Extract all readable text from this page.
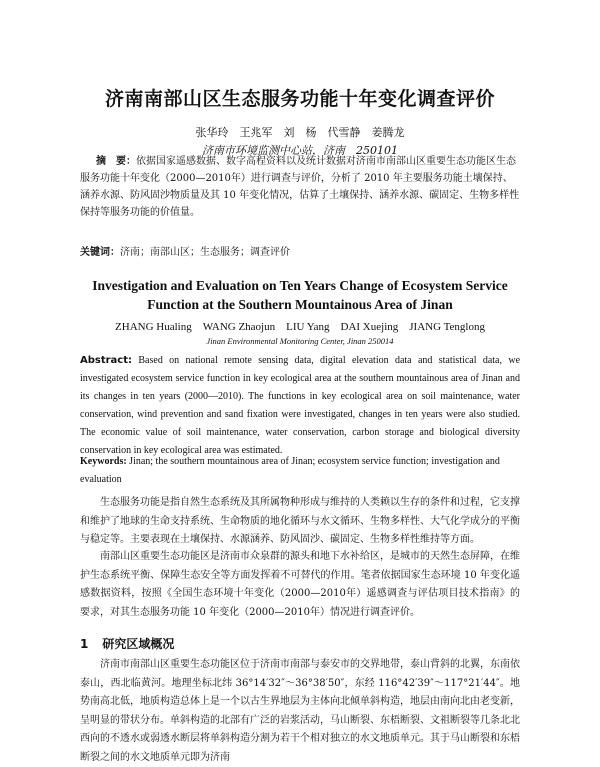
济南南部山区生态服务功能十年变化调查评价
张华玲　王兆军　刘　杨　代雪静　姜腾龙
济南市环境监测中心站，济南　250101
摘　要：依据国家遥感数据、数字高程资料以及统计数据对济南市南部山区重要生态功能区生态服务功能十年变化（2000—2010年）进行调查与评价，分析了 2010 年主要服务功能土壤保持、涵养水源、防风固沙物质量及其 10 年变化情况，估算了土壤保持、涵养水源、碳固定、生物多样性保持等服务功能的价值量。
关键词：济南；南部山区；生态服务；调查评价
Investigation and Evaluation on Ten Years Change of Ecosystem Service Function at the Southern Mountainous Area of Jinan
ZHANG Hualing　WANG Zhaojun　LIU Yang　DAI Xuejing　JIANG Tenglong
Jinan Environmental Monitoring Center, Jinan 250014
Abstract: Based on national remote sensing data, digital elevation data and statistical data, we investigated ecosystem service function in key ecological area at the southern mountainous area of Jinan and its changes in ten years (2000—2010). The functions in key ecological area on soil maintenance, water conservation, wind prevention and sand fixation were investigated, changes in ten years were also studied. The economic value of soil maintenance, water conservation, carbon storage and biological diversity conservation in key ecological area was estimated.
Keywords: Jinan; the southern mountainous area of Jinan; ecosystem service function; investigation and evaluation
生态服务功能是指自然生态系统及其所属物种形成与维持的人类赖以生存的条件和过程，它支撑和维护了地球的生命支持系统、生命物质的地化循环与水文循环、生物多样性、大气化学成分的平衡与稳定等。主要表现在土壤保持、水源涵养、防风固沙、碳固定、生物多样性维持等方面。
南部山区重要生态功能区是济南市众泉群的源头和地下水补给区，是城市的天然生态屏障，在维护生态系统平衡、保障生态安全等方面发挥着不可替代的作用。笔者依据国家生态环境 10 年变化遥感数据资料，按照《全国生态环境十年变化（2000—2010年）遥感调查与评估项目技术指南》的要求，对其生态服务功能 10 年变化（2000—2010年）情况进行调查评价。
1 研究区域概况
济南市南部山区重要生态功能区位于济南市南部与泰安市的交界地带，泰山背斜的北翼，东南依泰山，西北临黄河。地理坐标北纬 36°14′32″～36°38′50″，东经 116°42′39″～117°21′44″。地势南高北低，地质构造总体上是一个以古生界地层为主体向北倾单斜构造，地层由南向北由老变新，呈明显的带状分布。单斜构造的北部有广泛的岩浆活动，马山断裂、东梧断裂、文祖断裂等几条北北西向的不透水或弱透水断层将单斜构造分割为若干个相对独立的水文地质单元。其于马山断裂和东梧断裂之间的水文地质单元即为济南
